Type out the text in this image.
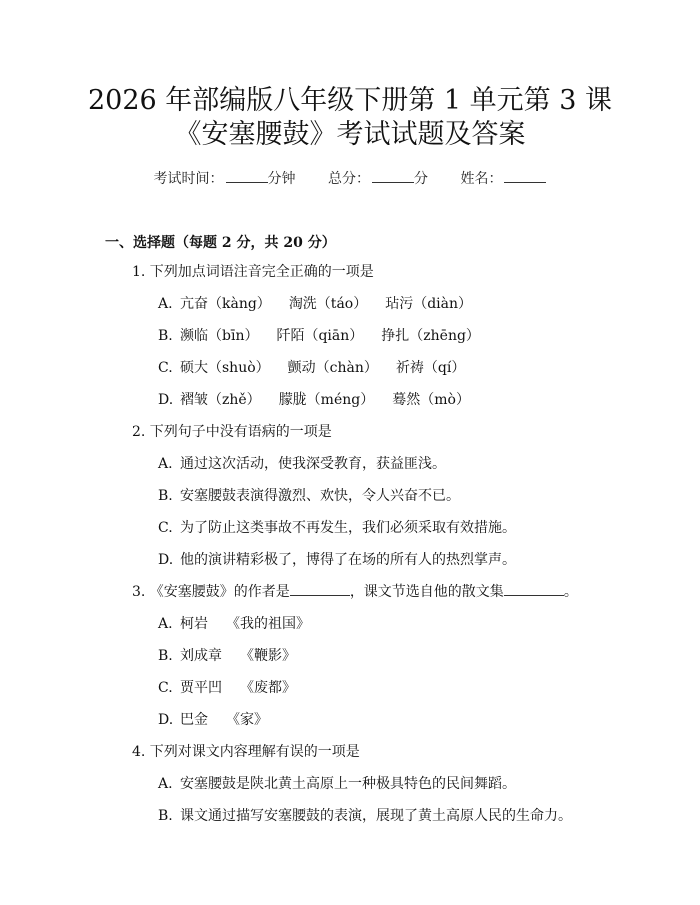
2026 年部编版八年级下册第 1 单元第 3 课
《安塞腰鼓》考试试题及答案
考试时间：	分钟 总分：	分 姓名：
一、选择题（每题 2 分，共 20 分）
1. 下列加点词语注音完全正确的一项是
A. 亢奋（kàng） 淘洗（táo） 玷污（diàn）
B. 濒临（bīn） 阡陌（qiān） 挣扎（zhēng）
C. 硕大（shuò） 颤动（chàn） 祈祷（qí）
D. 褶皱（zhě） 朦胧（méng） 蓦然（mò）
2. 下列句子中没有语病的一项是
A. 通过这次活动，使我深受教育，获益匪浅。
B. 安塞腰鼓表演得激烈、欢快，令人兴奋不已。
C. 为了防止这类事故不再发生，我们必须采取有效措施。
D. 他的演讲精彩极了，博得了在场的所有人的热烈掌声。
3. 《安塞腰鼓》的作者是	，课文节选自他的散文集	。
A. 柯岩 《我的祖国》
B. 刘成章 《鞭影》
C. 贾平凹 《废都》
D. 巴金 《家》
4. 下列对课文内容理解有误的一项是
A. 安塞腰鼓是陕北黄土高原上一种极具特色的民间舞蹈。
B. 课文通过描写安塞腰鼓的表演，展现了黄土高原人民的生命力。
